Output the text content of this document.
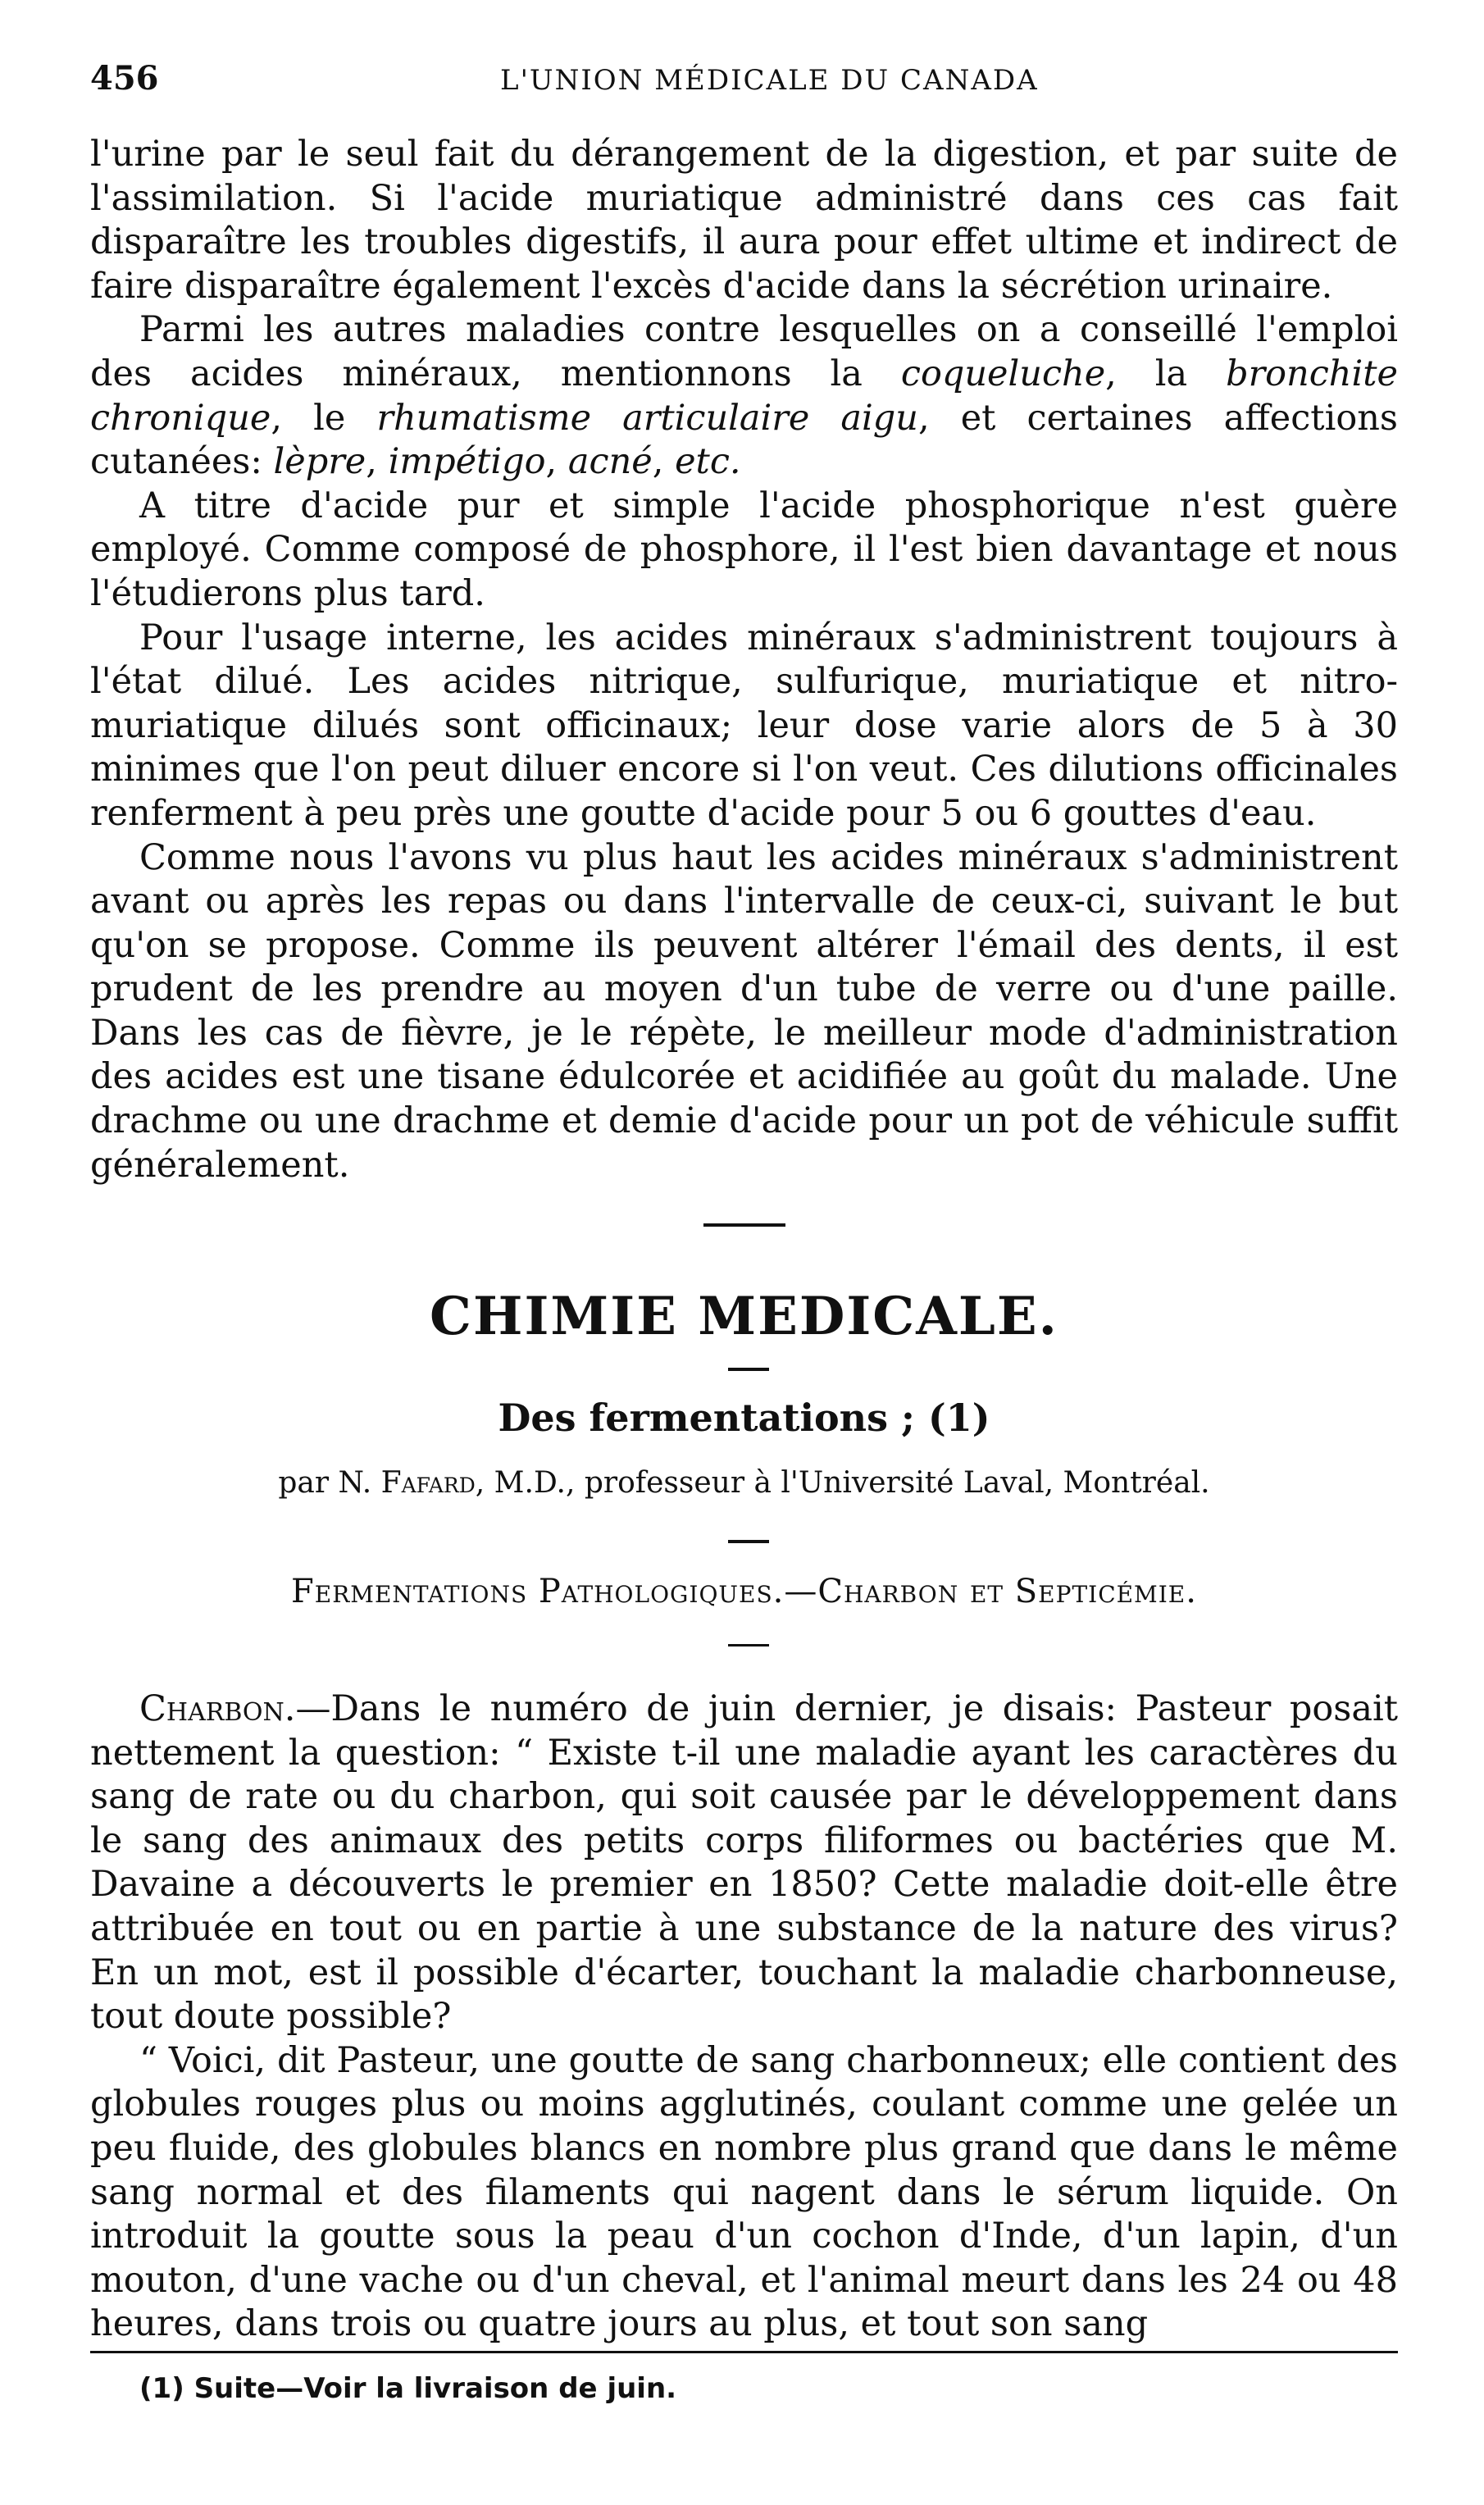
456	L'UNION MÉDICALE DU CANADA

l'urine par le seul fait du dérangement de la digestion, et par suite de l'assimilation. Si l'acide muriatique administré dans ces cas fait disparaître les troubles digestifs, il aura pour effet ultime et indirect de faire disparaître également l'excès d'acide dans la sécrétion urinaire.

Parmi les autres maladies contre lesquelles on a conseillé l'emploi des acides minéraux, mentionnons la coqueluche, la bronchite chronique, le rhumatisme articulaire aigu, et certaines affections cutanées: lèpre, impétigo, acné, etc.

A titre d'acide pur et simple l'acide phosphorique n'est guère employé. Comme composé de phosphore, il l'est bien davantage et nous l'étudierons plus tard.

Pour l'usage interne, les acides minéraux s'administrent toujours à l'état dilué. Les acides nitrique, sulfurique, muriatique et nitro-muriatique dilués sont officinaux; leur dose varie alors de 5 à 30 minimes que l'on peut diluer encore si l'on veut. Ces dilutions officinales renferment à peu près une goutte d'acide pour 5 ou 6 gouttes d'eau.

Comme nous l'avons vu plus haut les acides minéraux s'administrent avant ou après les repas ou dans l'intervalle de ceux-ci, suivant le but qu'on se propose. Comme ils peuvent altérer l'émail des dents, il est prudent de les prendre au moyen d'un tube de verre ou d'une paille. Dans les cas de fièvre, je le répète, le meilleur mode d'administration des acides est une tisane édulcorée et acidifiée au goût du malade. Une drachme ou une drachme et demie d'acide pour un pot de véhicule suffit généralement.

CHIMIE MEDICALE.
Des fermentations ; (1)
par N. Fafard, M.D., professeur à l'Université Laval, Montréal.
Fermentations Pathologiques.—Charbon et Septicémie.

Charbon.—Dans le numéro de juin dernier, je disais: Pasteur posait nettement la question: “ Existe t-il une maladie ayant les caractères du sang de rate ou du charbon, qui soit causée par le développement dans le sang des animaux des petits corps filiformes ou bactéries que M. Davaine a découverts le premier en 1850? Cette maladie doit-elle être attribuée en tout ou en partie à une substance de la nature des virus? En un mot, est il possible d'écarter, touchant la maladie charbonneuse, tout doute possible?

“ Voici, dit Pasteur, une goutte de sang charbonneux; elle contient des globules rouges plus ou moins agglutinés, coulant comme une gelée un peu fluide, des globules blancs en nombre plus grand que dans le même sang normal et des filaments qui nagent dans le sérum liquide. On introduit la goutte sous la peau d'un cochon d'Inde, d'un lapin, d'un mouton, d'une vache ou d'un cheval, et l'animal meurt dans les 24 ou 48 heures, dans trois ou quatre jours au plus, et tout son sang

(1) Suite—Voir la livraison de juin.
